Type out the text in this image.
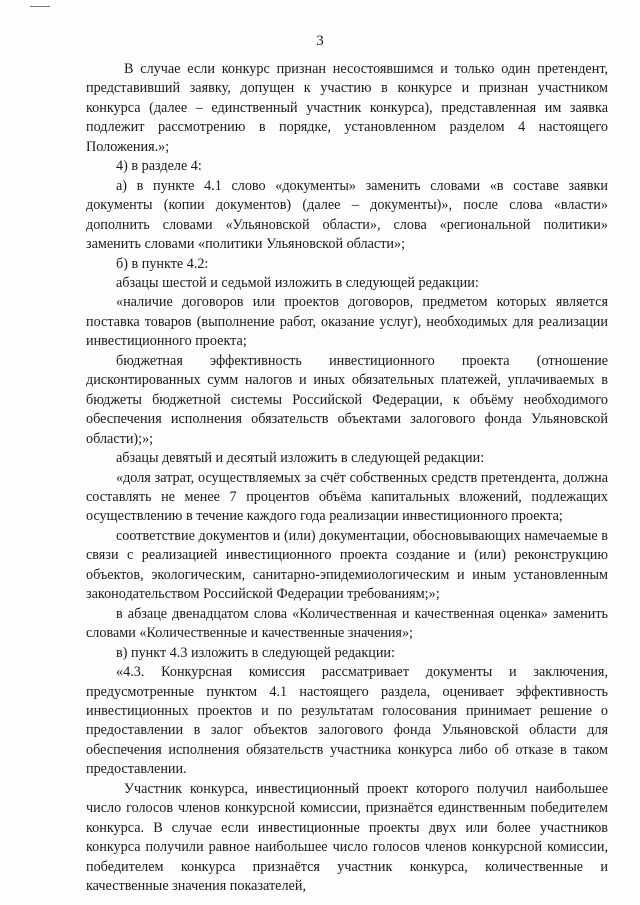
3

В случае если конкурс признан несостоявшимся и только один претендент, представивший заявку, допущен к участию в конкурсе и признан участником конкурса (далее – единственный участник конкурса), представленная им заявка подлежит рассмотрению в порядке, установленном разделом 4 настоящего Положения.»;

4) в разделе 4:

а) в пункте 4.1 слово «документы» заменить словами «в составе заявки документы (копии документов) (далее – документы)», после слова «власти» дополнить словами «Ульяновской области», слова «региональной политики» заменить словами «политики Ульяновской области»;

б) в пункте 4.2:

абзацы шестой и седьмой изложить в следующей редакции:

«наличие договоров или проектов договоров, предметом которых является поставка товаров (выполнение работ, оказание услуг), необходимых для реализации инвестиционного проекта;

бюджетная эффективность инвестиционного проекта (отношение дисконтированных сумм налогов и иных обязательных платежей, уплачиваемых в бюджеты бюджетной системы Российской Федерации, к объёму необходимого обеспечения исполнения обязательств объектами залогового фонда Ульяновской области);»;

абзацы девятый и десятый изложить в следующей редакции:

«доля затрат, осуществляемых за счёт собственных средств претендента, должна составлять не менее 7 процентов объёма капитальных вложений, подлежащих осуществлению в течение каждого года реализации инвестиционного проекта;

соответствие документов и (или) документации, обосновывающих намечаемые в связи с реализацией инвестиционного проекта создание и (или) реконструкцию объектов, экологическим, санитарно-эпидемиологическим и иным установленным законодательством Российской Федерации требованиям;»;

в абзаце двенадцатом слова «Количественная и качественная оценка» заменить словами «Количественные и качественные значения»;

в) пункт 4.3 изложить в следующей редакции:

«4.3. Конкурсная комиссия рассматривает документы и заключения, предусмотренные пунктом 4.1 настоящего раздела, оценивает эффективность инвестиционных проектов и по результатам голосования принимает решение о предоставлении в залог объектов залогового фонда Ульяновской области для обеспечения исполнения обязательств участника конкурса либо об отказе в таком предоставлении.

Участник конкурса, инвестиционный проект которого получил наибольшее число голосов членов конкурсной комиссии, признаётся единственным победителем конкурса. В случае если инвестиционные проекты двух или более участников конкурса получили равное наибольшее число голосов членов конкурсной комиссии, победителем конкурса признаётся участник конкурса, количественные и качественные значения показателей,
